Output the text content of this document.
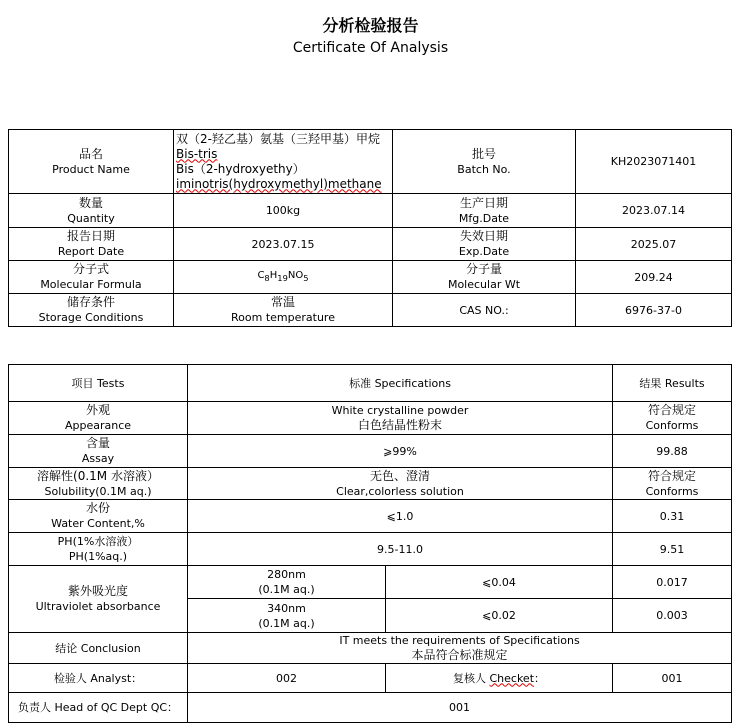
分析检验报告
Certificate Of Analysis
品名
Product Name
	双（2-羟乙基）氨基（三羟甲基）甲烷 Bis-tris
Bis（2-hydroxyethy）
iminotris(hydroxymethyl)methane	
批号
Batch No.
	KH2023071401

数量
Quantity
	100kg	
生产日期
Mfg.Date
	2023.07.14

报告日期
Report Date
	2023.07.15	
失效日期
Exp.Date
	2025.07

分子式
Molecular Formula
	$C_8H_{19}NO_5$	
分子量
Molecular Wt
	209.24

储存条件
Storage Conditions

常温
Room temperature
	CAS NO.:	6976-37-0
项目 Tests	标准 Specifications	结果 Results

外观
Appearance

White crystalline powder
白色结晶性粉末

符合规定
Conforms

含量
Assay
	⩾99%	99.88

溶解性(0.1M 水溶液）
Solubility(0.1M aq.)

无色、澄清
Clear,colorless solution

符合规定
Conforms

水份
Water Content,%
	⩽1.0	0.31

PH(1%水溶液）
PH(1%aq.)
	9.5-11.0	9.51

紫外吸光度
Ultraviolet absorbance

280nm
(0.1M aq.)
	⩽0.04	0.017

340nm
(0.1M aq.)
	⩽0.02	0.003
结论 Conclusion	
IT meets the requirements of Specifications
本品符合标准规定

检验人 Analyst：	002	复核人 Checket：	001
负责人 Head of QC Dept QC：	001
